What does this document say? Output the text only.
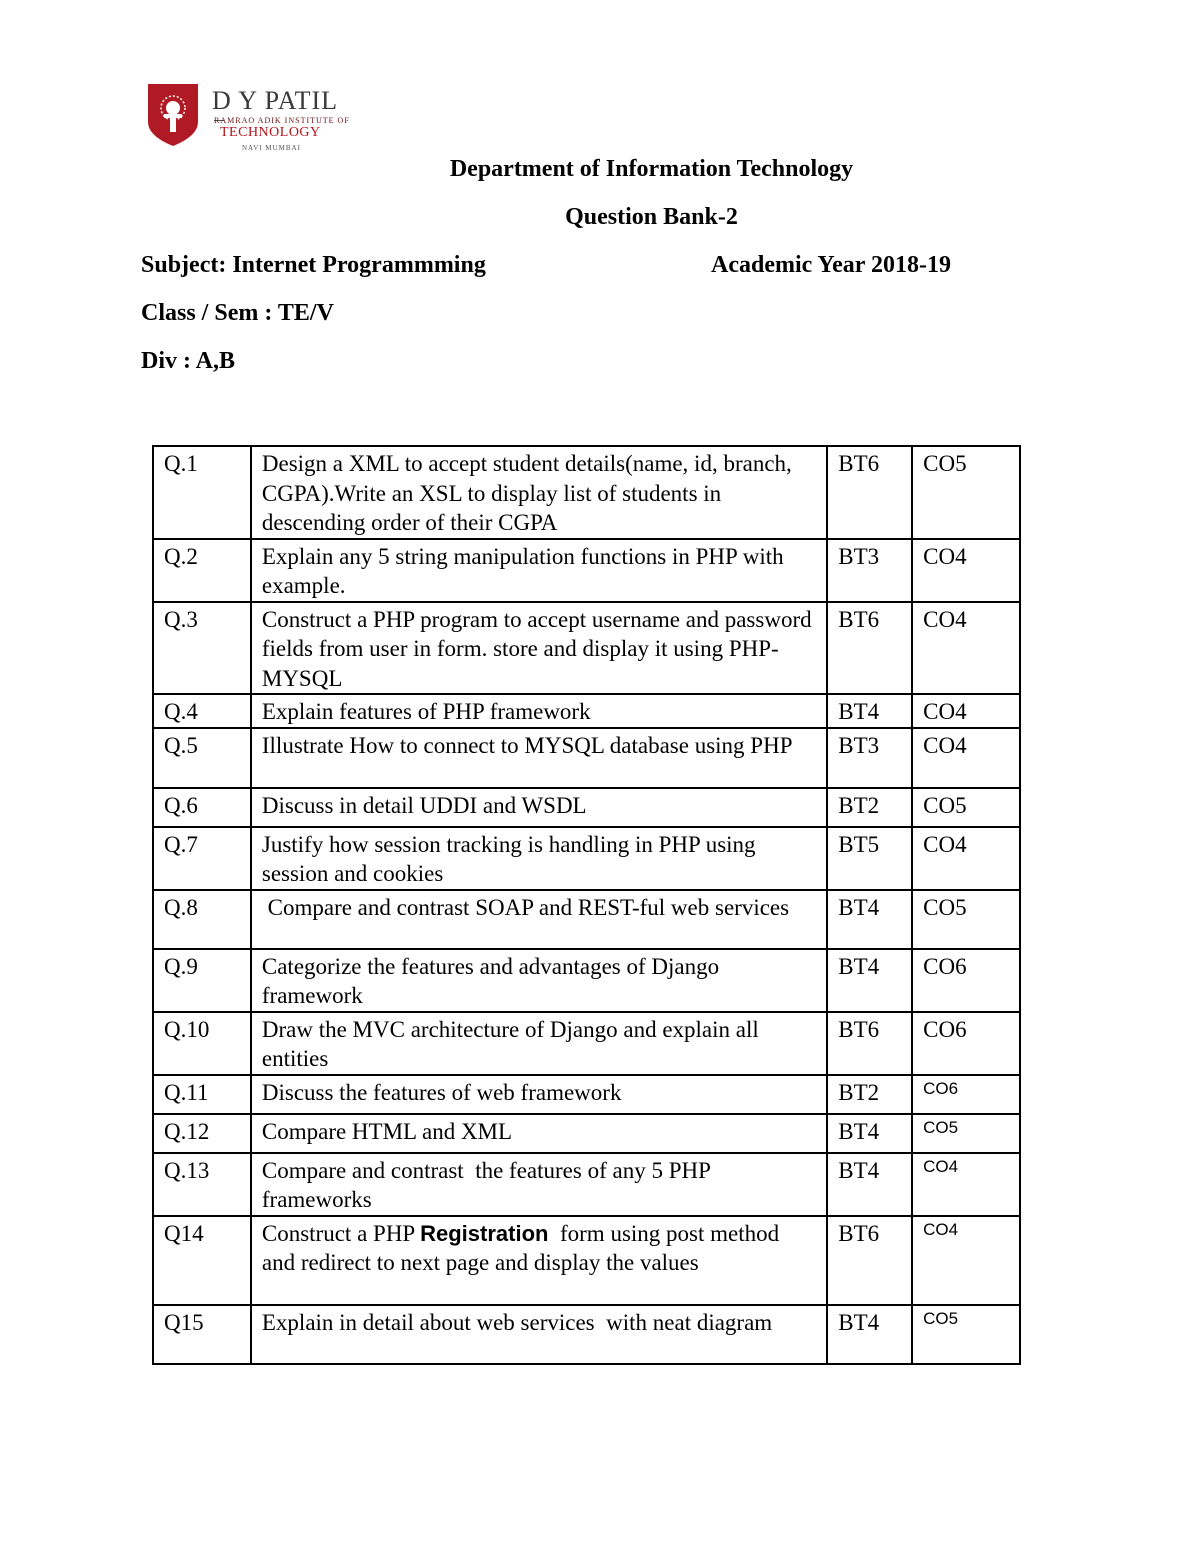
D Y PATIL
RAMRAO ADIK INSTITUTE OF
TECHNOLOGY
NAVI MUMBAI
Department of Information Technology
Question Bank-2
Subject: Internet Programmming	Academic Year 2018-19
Class / Sem : TE/V
Div : A,B
Q.1	Design a XML to accept student details(name, id, branch, CGPA).Write an XSL to display list of students in descending order of their CGPA	BT6	CO5
Q.2	Explain any 5 string manipulation functions in PHP with example.	BT3	CO4
Q.3	Construct a PHP program to accept username and password fields from user in form. store and display it using PHP-MYSQL	BT6	CO4
Q.4	Explain features of PHP framework	BT4	CO4
Q.5	Illustrate How to connect to MYSQL database using PHP	BT3	CO4
Q.6	Discuss in detail UDDI and WSDL	BT2	CO5
Q.7	Justify how session tracking is handling in PHP using session and cookies	BT5	CO4
Q.8	Compare and contrast SOAP and REST-ful web services	BT4	CO5
Q.9	Categorize the features and advantages of Django framework	BT4	CO6
Q.10	Draw the MVC architecture of Django and explain all entities	BT6	CO6
Q.11	Discuss the features of web framework	BT2	CO6
Q.12	Compare HTML and XML	BT4	CO5
Q.13	Compare and contrast  the features of any 5 PHP frameworks	BT4	CO4
Q14	Construct a PHP Registration  form using post method and redirect to next page and display the values	BT6	CO4
Q15	Explain in detail about web services  with neat diagram	BT4	CO5
